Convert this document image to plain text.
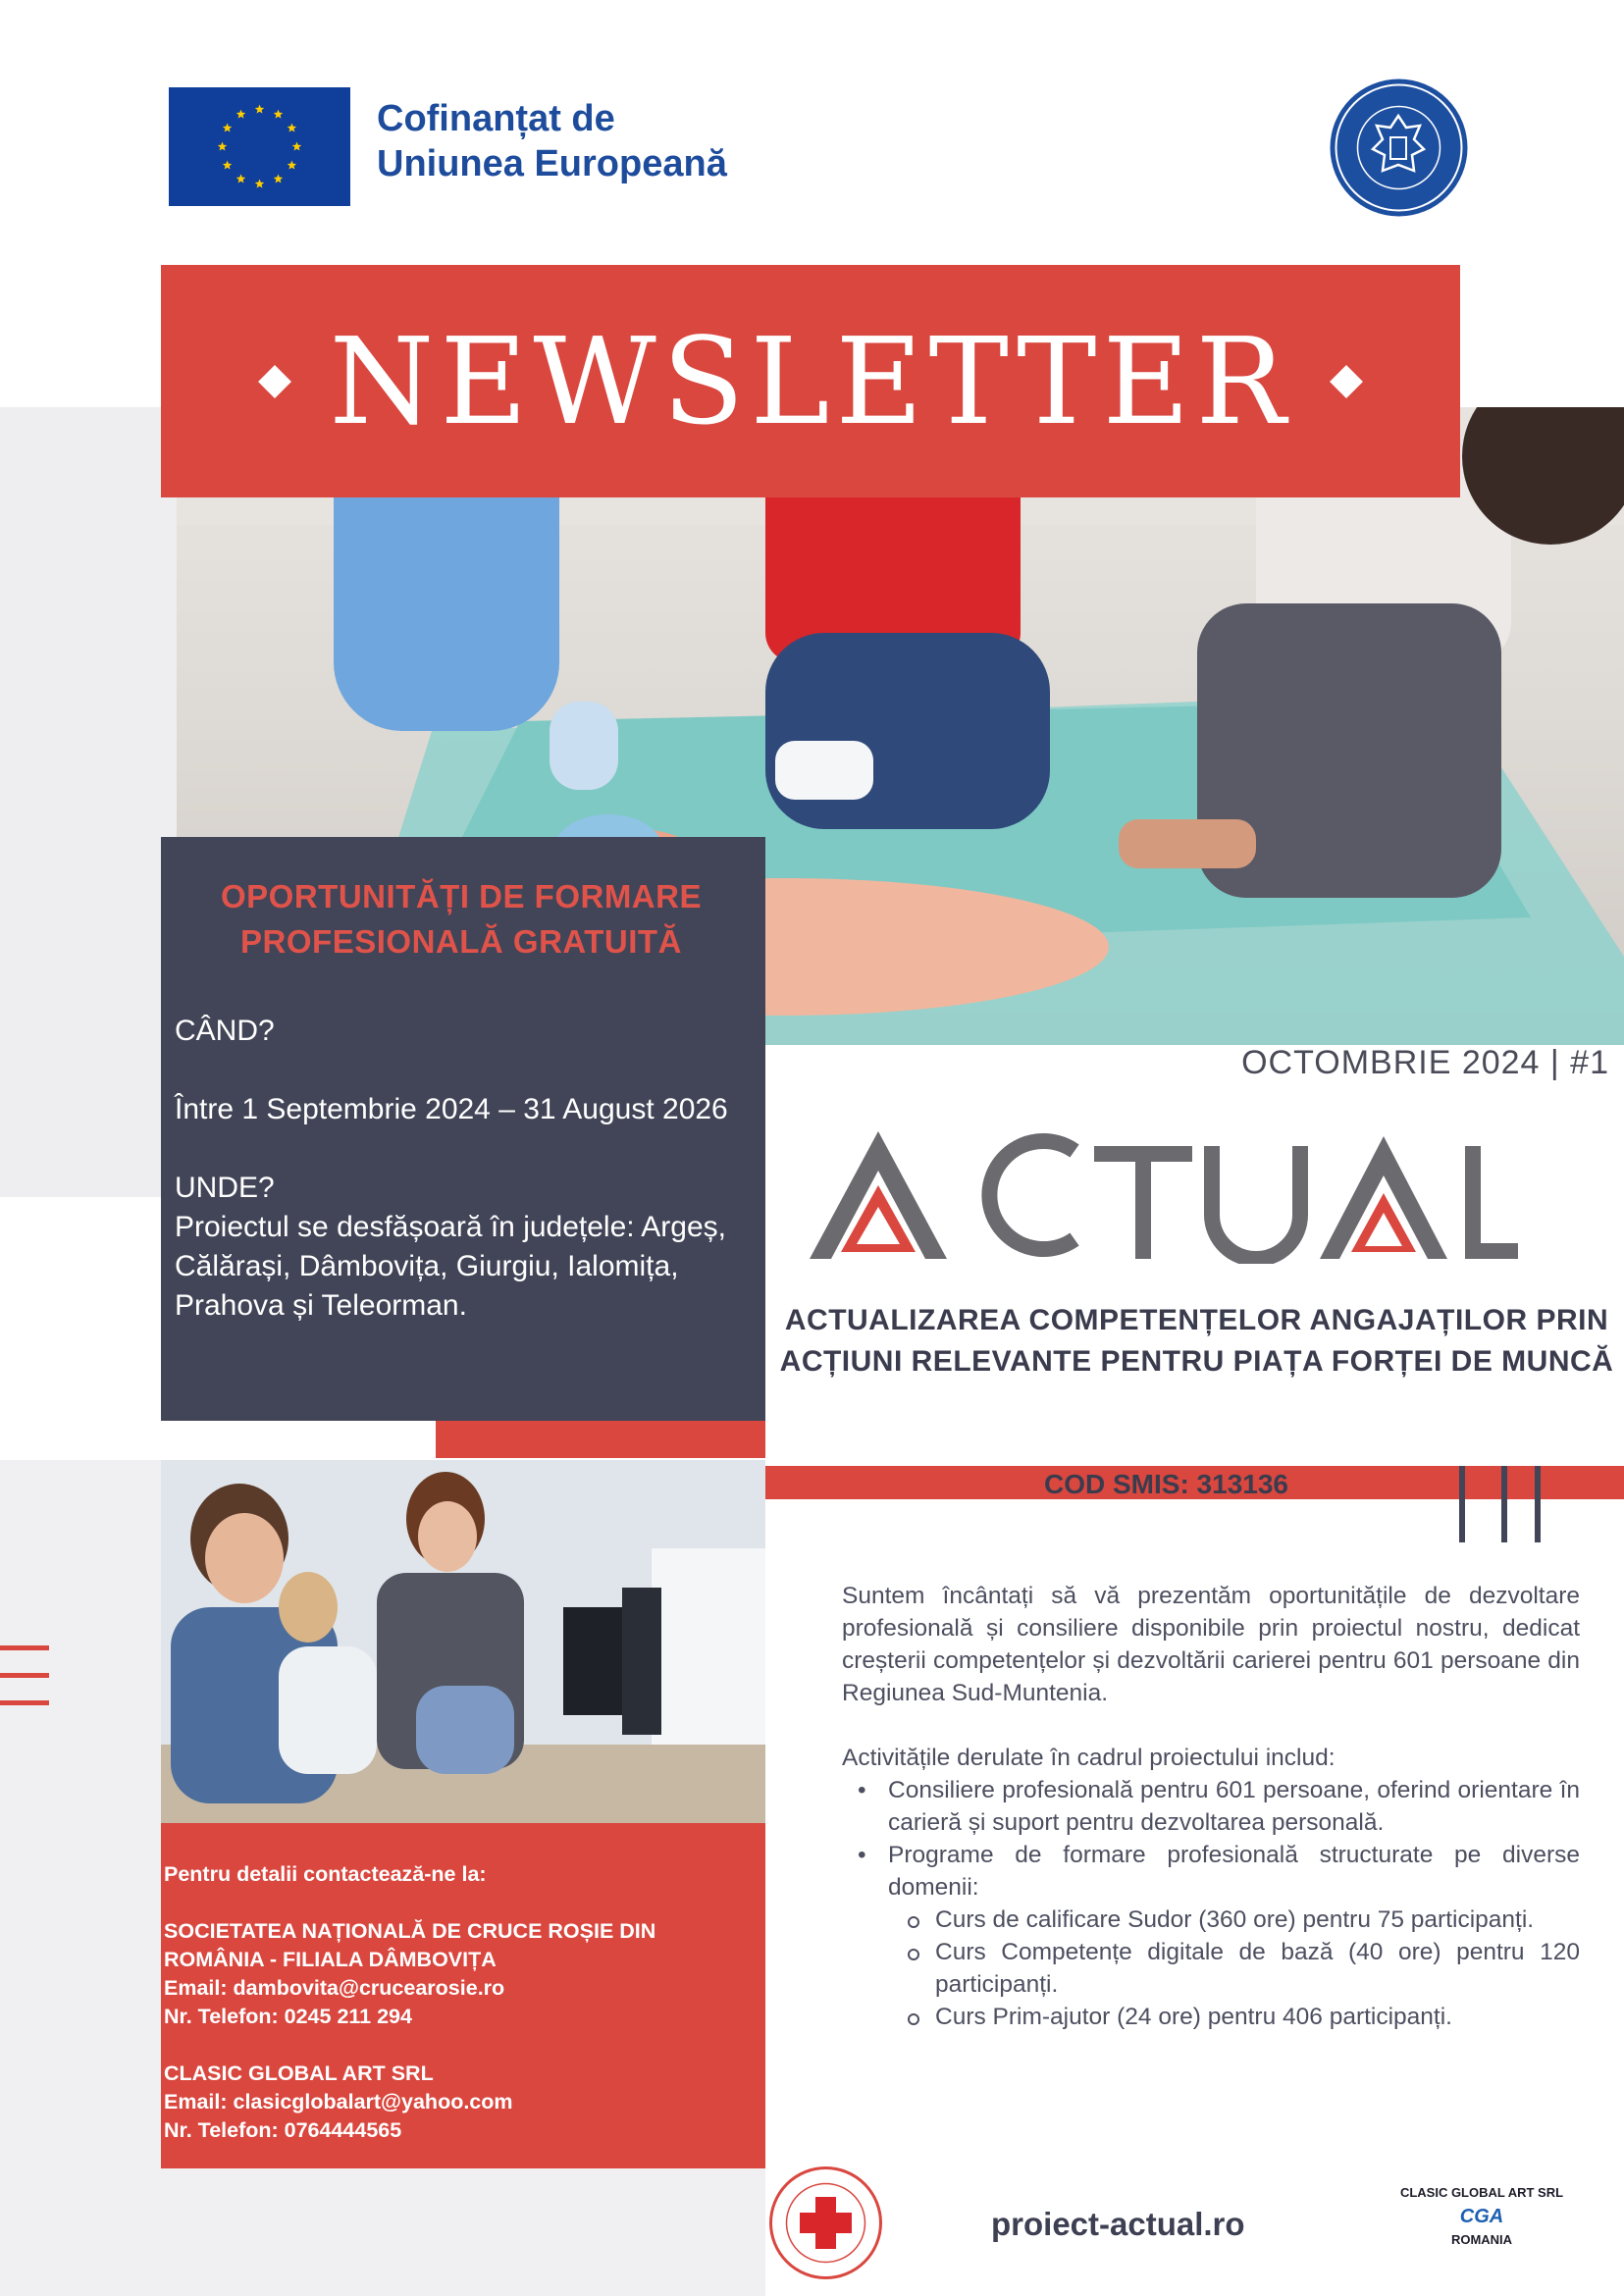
Cofinanțat de
Uniunea Europeană
NEWSLETTER
OPORTUNITĂȚI DE FORMARE PROFESIONALĂ GRATUITĂ

CÂND?

Între 1 Septembrie 2024 – 31 August 2026

UNDE?
Proiectul se desfășoară în județele: Argeș, Călărași, Dâmbovița, Giurgiu, Ialomița, Prahova și Teleorman.

OCTOMBRIE 2024 | #1
ACTUALIZAREA COMPETENȚELOR ANGAJAȚILOR PRIN ACȚIUNI RELEVANTE PENTRU PIAȚA FORȚEI DE MUNCĂ
COD SMIS: 313136
Pentru detalii contactează-ne la:
SOCIETATEA NAȚIONALĂ DE CRUCE ROȘIE DIN ROMÂNIA - FILIALA DÂMBOVIȚA
Email: dambovita@crucearosie.ro
Nr. Telefon: 0245 211 294
CLASIC GLOBAL ART SRL
Email: clasicglobalart@yahoo.com
Nr. Telefon: 0764444565

Suntem încântați să vă prezentăm oportunitățile de dezvoltare profesională și consiliere disponibile prin proiectul nostru, dedicat creșterii competențelor și dezvoltării carierei pentru 601 persoane din Regiunea Sud-Muntenia.

Activitățile derulate în cadrul proiectului includ:
• Consiliere profesională pentru 601 persoane, oferind orientare în carieră și suport pentru dezvoltarea personală.
• Programe de formare profesională structurate pe diverse domenii:
Curs de calificare Sudor (360 ore) pentru 75 participanți.
Curs Competențe digitale de bază (40 ore) pentru 120 participanți.
Curs Prim-ajutor (24 ore) pentru 406 participanți.
proiect-actual.ro
CLASIC GLOBAL ART SRL
CGA
ROMANIA
